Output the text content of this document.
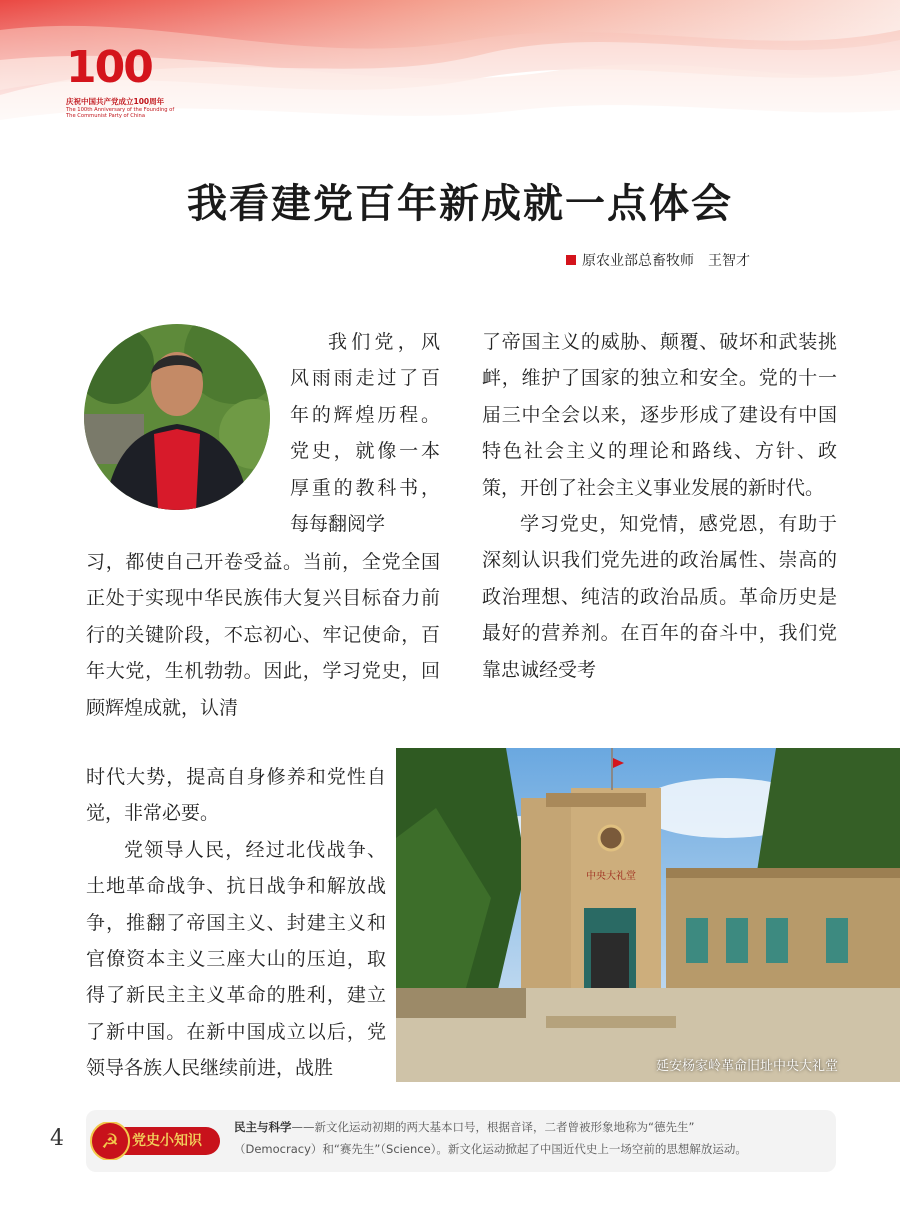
100
庆祝中国共产党成立100周年
The 100th Anniversary of the Founding of
The Communist Party of China
我看建党百年新成就一点体会
原农业部总畜牧师　王智才

我们党，风风雨雨走过了百年的辉煌历程。党史，就像一本厚重的教科书，每每翻阅学

习，都使自己开卷受益。当前，全党全国正处于实现中华民族伟大复兴目标奋力前行的关键阶段，不忘初心、牢记使命，百年大党，生机勃勃。因此，学习党史，回顾辉煌成就，认清

时代大势，提高自身修养和党性自觉，非常必要。

党领导人民，经过北伐战争、土地革命战争、抗日战争和解放战争，推翻了帝国主义、封建主义和官僚资本主义三座大山的压迫，取得了新民主主义革命的胜利，建立了新中国。在新中国成立以后，党领导各族人民继续前进，战胜

了帝国主义的威胁、颠覆、破坏和武装挑衅，维护了国家的独立和安全。党的十一届三中全会以来，逐步形成了建设有中国特色社会主义的理论和路线、方针、政策，开创了社会主义事业发展的新时代。

学习党史，知党情，感党恩，有助于深刻认识我们党先进的政治属性、崇高的政治理想、纯洁的政治品质。革命历史是最好的营养剂。在百年的奋斗中，我们党靠忠诚经受考

中央大礼堂
延安杨家岭革命旧址中央大礼堂
4 ☭ 党史小知识
民主与科学——新文化运动初期的两大基本口号，根据音译，二者曾被形象地称为“德先生”
（Democracy）和“赛先生”（Science）。新文化运动掀起了中国近代史上一场空前的思想解放运动。
